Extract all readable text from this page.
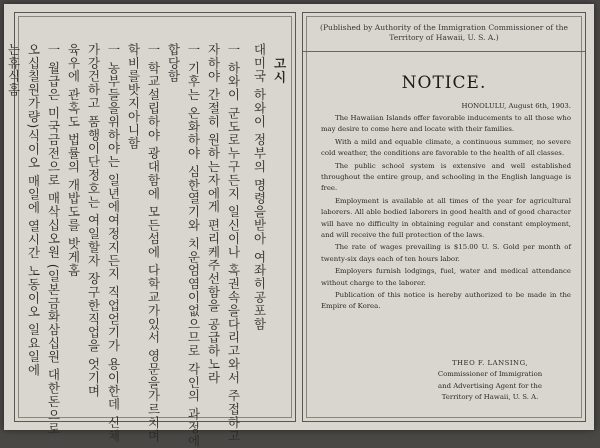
고시
대미국 하와이 정부의 명령을받아 여좌히공포함
一 하와이 군도로누구든지 일신이나 혹권속을다리고와서 주접하고
자하야 간절히 원하는자에게 편리케주선함을 공급하노라
一 기후는 온화하야 심한열기와 치운엄염이없으므로 각인의 과정에
합당함
一 학교설립하야 광대함에 모든섬에 다학교가있서 영문을가르치며
학비를밧지아니함
一 농부들을위하야는 일년에여정지든지 직업얻기가 용이한데 신체
가강건하고 품행이단정호는 여일할자 장구한직업을 엇기며
육우에 관혹도 법률의 개밥도를 밧게홈
一 월급은 미국금전으로 매삭십오원 (일본금화삼십원 대한돈으로
오십칠원가량)식이오 매일에 열시간 노동이오 일요일에
는휴식홈
(Published by Authority of the Immigration Commissioner of the Territory of Hawaii, U. S. A.)
NOTICE.

HONOLULU, August 6th, 1903.

The Hawaiian Islands offer favorable inducements to all those who may desire to come here and locate with their families.

With a mild and equable climate, a continuous summer, no severe cold weather, the conditions are favorable to the health of all classes.

The public school system is extensive and well established throughout the entire group, and schooling in the English language is free.

Employment is available at all times of the year for agricultural laborers. All able bodied laborers in good health and of good character will have no difficulty in obtaining regular and constant employment, and will receive the full protection of the laws.

The rate of wages prevailing is $15.00 U. S. Gold per month of twenty-six days each of ten hours labor.

Employers furnish lodgings, fuel, water and medical attendance without charge to the laborer.

Publication of this notice is hereby authorized to be made in the Empire of Korea.

THEO F. LANSING,
Commissioner of Immigration
and Advertising Agent for the
Territory of Hawaii, U. S. A.
